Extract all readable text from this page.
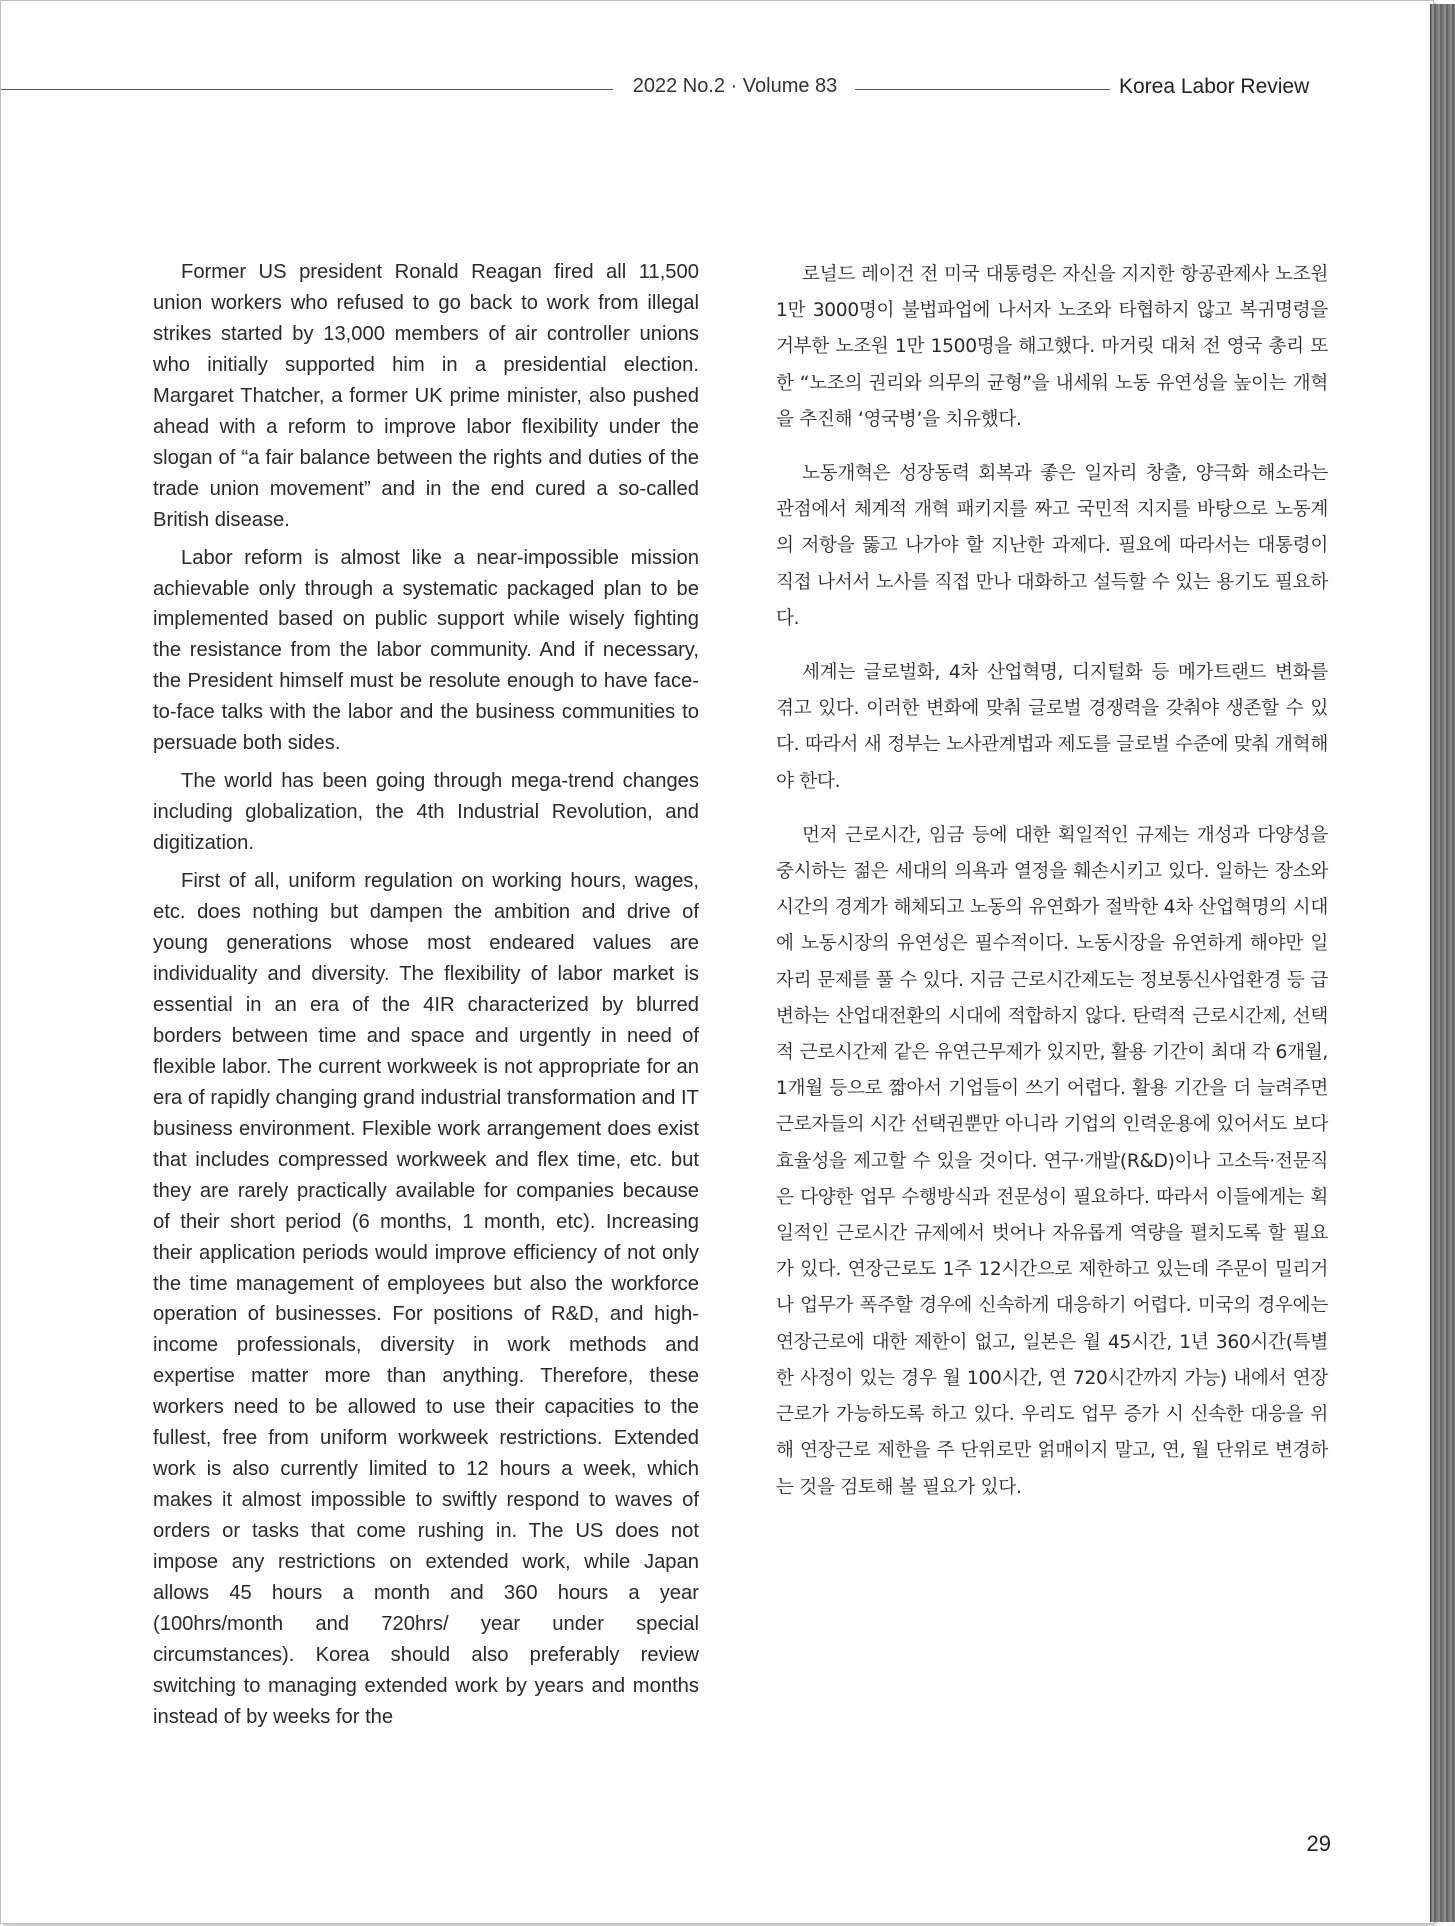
2022 No.2 · Volume 83	Korea Labor Review

Former US president Ronald Reagan fired all 11,500 union workers who refused to go back to work from illegal strikes started by 13,000 members of air controller unions who initially supported him in a presidential election. Margaret Thatcher, a former UK prime minister, also pushed ahead with a reform to improve labor flexibility under the slogan of “a fair balance between the rights and duties of the trade union movement” and in the end cured a so-called British disease.

Labor reform is almost like a near-impossible mission achievable only through a systematic packaged plan to be implemented based on public support while wisely fighting the resistance from the labor community. And if necessary, the President himself must be resolute enough to have face-to-face talks with the labor and the business communities to persuade both sides.

The world has been going through mega-trend changes including globalization, the 4th Industrial Revolution, and digitization.

First of all, uniform regulation on working hours, wages, etc. does nothing but dampen the ambition and drive of young generations whose most endeared values are individuality and diversity. The flexibility of labor market is essential in an era of the 4IR characterized by blurred borders between time and space and urgently in need of flexible labor. The current workweek is not appropriate for an era of rapidly changing grand industrial transformation and IT business environment. Flexible work arrangement does exist that includes compressed workweek and flex time, etc. but they are rarely practically available for companies because of their short period (6 months, 1 month, etc). Increasing their application periods would improve efficiency of not only the time management of employees but also the workforce operation of businesses. For positions of R&D, and high-income professionals, diversity in work methods and expertise matter more than anything. Therefore, these workers need to be allowed to use their capacities to the fullest, free from uniform workweek restrictions. Extended work is also currently limited to 12 hours a week, which makes it almost impossible to swiftly respond to waves of orders or tasks that come rushing in. The US does not impose any restrictions on extended work, while Japan allows 45 hours a month and 360 hours a year (100hrs/month and 720hrs/ year under special circumstances). Korea should also preferably review switching to managing extended work by years and months instead of by weeks for the

로널드 레이건 전 미국 대통령은 자신을 지지한 항공관제사 노조원 1만 3000명이 불법파업에 나서자 노조와 타협하지 않고 복귀명령을 거부한 노조원 1만 1500명을 해고했다. 마거릿 대처 전 영국 총리 또한 “노조의 권리와 의무의 균형”을 내세워 노동 유연성을 높이는 개혁을 추진해 ‘영국병’을 치유했다.

노동개혁은 성장동력 회복과 좋은 일자리 창출, 양극화 해소라는 관점에서 체계적 개혁 패키지를 짜고 국민적 지지를 바탕으로 노동계의 저항을 뚫고 나가야 할 지난한 과제다. 필요에 따라서는 대통령이 직접 나서서 노사를 직접 만나 대화하고 설득할 수 있는 용기도 필요하다.

세계는 글로벌화, 4차 산업혁명, 디지털화 등 메가트랜드 변화를 겪고 있다. 이러한 변화에 맞춰 글로벌 경쟁력을 갖춰야 생존할 수 있다. 따라서 새 정부는 노사관계법과 제도를 글로벌 수준에 맞춰 개혁해야 한다.

먼저 근로시간, 임금 등에 대한 획일적인 규제는 개성과 다양성을 중시하는 젊은 세대의 의욕과 열정을 훼손시키고 있다. 일하는 장소와 시간의 경계가 해체되고 노동의 유연화가 절박한 4차 산업혁명의 시대에 노동시장의 유연성은 필수적이다. 노동시장을 유연하게 해야만 일자리 문제를 풀 수 있다. 지금 근로시간제도는 정보통신사업환경 등 급변하는 산업대전환의 시대에 적합하지 않다. 탄력적 근로시간제, 선택적 근로시간제 같은 유연근무제가 있지만, 활용 기간이 최대 각 6개월, 1개월 등으로 짧아서 기업들이 쓰기 어렵다. 활용 기간을 더 늘려주면 근로자들의 시간 선택권뿐만 아니라 기업의 인력운용에 있어서도 보다 효율성을 제고할 수 있을 것이다. 연구·개발(R&D)이나 고소득·전문직은 다양한 업무 수행방식과 전문성이 필요하다. 따라서 이들에게는 획일적인 근로시간 규제에서 벗어나 자유롭게 역량을 펼치도록 할 필요가 있다. 연장근로도 1주 12시간으로 제한하고 있는데 주문이 밀리거나 업무가 폭주할 경우에 신속하게 대응하기 어렵다. 미국의 경우에는 연장근로에 대한 제한이 없고, 일본은 월 45시간, 1년 360시간(특별한 사정이 있는 경우 월 100시간, 연 720시간까지 가능) 내에서 연장근로가 가능하도록 하고 있다. 우리도 업무 증가 시 신속한 대응을 위해 연장근로 제한을 주 단위로만 얽매이지 말고, 연, 월 단위로 변경하는 것을 검토해 볼 필요가 있다.

29
